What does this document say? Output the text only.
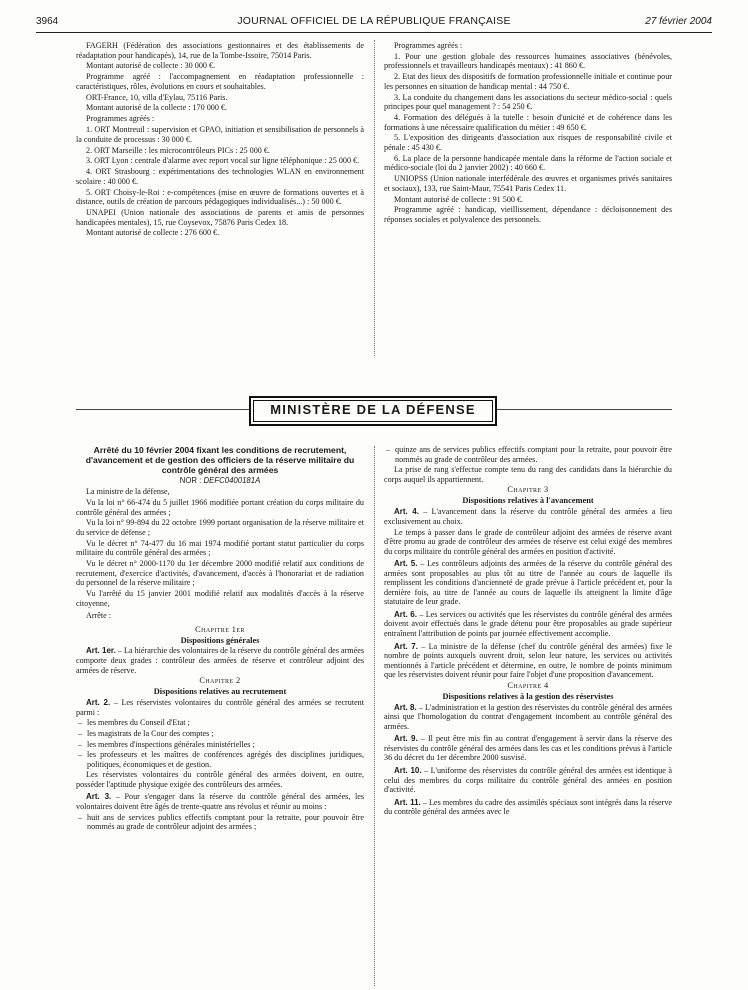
3964	JOURNAL OFFICIEL DE LA RÉPUBLIQUE FRANÇAISE	27 février 2004

FAGERH (Fédération des associations gestionnaires et des établissements de réadaptation pour handicapés), 14, rue de la Tombe-Issoire, 75014 Paris.

Montant autorisé de collecte : 30 000 €.

Programme agréé : l'accompagnement en réadaptation professionnelle : caractéristiques, rôles, évolutions en cours et souhaitables.

ORT-France, 10, villa d'Eylau, 75116 Paris.

Montant autorisé de la collecte : 170 000 €.

Programmes agréés :

1. ORT Montreuil : supervision et GPAO, initiation et sensibilisation de personnels à la conduite de processus : 30 000 €.

2. ORT Marseille : les microcontrôleurs PICs : 25 000 €.

3. ORT Lyon : centrale d'alarme avec report vocal sur ligne téléphonique : 25 000 €.

4. ORT Strasbourg : expérimentations des technologies WLAN en environnement scolaire : 40 000 €.

5. ORT Choisy-le-Roi : e-compétences (mise en œuvre de formations ouvertes et à distance, outils de création de parcours pédagogiques individualisés...) : 50 000 €.

UNAPEI (Union nationale des associations de parents et amis de personnes handicapées mentales), 15, rue Coysevox, 75876 Paris Cedex 18.

Montant autorisé de collecte : 276 600 €.

Programmes agréés :

1. Pour une gestion globale des ressources humaines associatives (bénévoles, professionnels et travailleurs handicapés mentaux) : 41 860 €.

2. Etat des lieux des dispositifs de formation professionnelle initiale et continue pour les personnes en situation de handicap mental : 44 750 €.

3. La conduite du changement dans les associations du secteur médico-social : quels principes pour quel management ? : 54 250 €.

4. Formation des délégués à la tutelle : besoin d'unicité et de cohérence dans les formations à une nécessaire qualification du métier : 49 650 €.

5. L'exposition des dirigeants d'association aux risques de responsabilité civile et pénale : 45 430 €.

6. La place de la personne handicapée mentale dans la réforme de l'action sociale et médico-sociale (loi du 2 janvier 2002) : 40 660 €.

UNIOPSS (Union nationale interfédérale des œuvres et organismes privés sanitaires et sociaux), 133, rue Saint-Maur, 75541 Paris Cedex 11.

Montant autorisé de collecte : 91 500 €.

Programme agréé : handicap, vieillissement, dépendance : décloisonnement des réponses sociales et polyvalence des personnels.

MINISTÈRE DE LA DÉFENSE

Arrêté du 10 février 2004 fixant les conditions de recrutement, d'avancement et de gestion des officiers de la réserve militaire du contrôle général des armées

NOR : DEFC0400181A

La ministre de la défense,

Vu la loi n° 66-474 du 5 juillet 1966 modifiée portant création du corps militaire du contrôle général des armées ;

Vu la loi n° 99-894 du 22 octobre 1999 portant organisation de la réserve militaire et du service de défense ;

Vu le décret n° 74-477 du 16 mai 1974 modifié portant statut particulier du corps militaire du contrôle général des armées ;

Vu le décret n° 2000-1170 du 1er décembre 2000 modifié relatif aux conditions de recrutement, d'exercice d'activités, d'avancement, d'accès à l'honorariat et de radiation du personnel de la réserve militaire ;

Vu l'arrêté du 15 janvier 2001 modifié relatif aux modalités d'accès à la réserve citoyenne,

Arrête :

Chapitre 1er

Dispositions générales

Art. 1er. – La hiérarchie des volontaires de la réserve du contrôle général des armées comporte deux grades : contrôleur des armées de réserve et contrôleur adjoint des armées de réserve.

Chapitre 2

Dispositions relatives au recrutement

Art. 2. – Les réservistes volontaires du contrôle général des armées se recrutent parmi :

– les membres du Conseil d'Etat ;

– les magistrats de la Cour des comptes ;

– les membres d'inspections générales ministérielles ;

– les professeurs et les maîtres de conférences agrégés des disciplines juridiques, politiques, économiques et de gestion.

Les réservistes volontaires du contrôle général des armées doivent, en outre, posséder l'aptitude physique exigée des contrôleurs des armées.

Art. 3. – Pour s'engager dans la réserve du contrôle général des armées, les volontaires doivent être âgés de trente-quatre ans révolus et réunir au moins :

– huit ans de services publics effectifs comptant pour la retraite, pour pouvoir être nommés au grade de contrôleur adjoint des armées ;

– quinze ans de services publics effectifs comptant pour la retraite, pour pouvoir être nommés au grade de contrôleur des armées.

La prise de rang s'effectue compte tenu du rang des candidats dans la hiérarchie du corps auquel ils appartiennent.

Chapitre 3

Dispositions relatives à l'avancement

Art. 4. – L'avancement dans la réserve du contrôle général des armées a lieu exclusivement au choix.

Le temps à passer dans le grade de contrôleur adjoint des armées de réserve avant d'être promu au grade de contrôleur des armées de réserve est celui exigé des membres du corps militaire du contrôle général des armées en position d'activité.

Art. 5. – Les contrôleurs adjoints des armées de la réserve du contrôle général des armées sont proposables au plus tôt au titre de l'année au cours de laquelle ils remplissent les conditions d'ancienneté de grade prévue à l'article précédent et, pour la dernière fois, au titre de l'année au cours de laquelle ils atteignent la limite d'âge statutaire de leur grade.

Art. 6. – Les services ou activités que les réservistes du contrôle général des armées doivent avoir effectués dans le grade détenu pour être proposables au grade supérieur entraînent l'attribution de points par journée effectivement accomplie.

Art. 7. – La ministre de la défense (chef du contrôle général des armées) fixe le nombre de points auxquels ouvrent droit, selon leur nature, les services ou activités mentionnés à l'article précédent et détermine, en outre, le nombre de points minimum que les réservistes doivent réunir pour faire l'objet d'une proposition d'avancement.

Chapitre 4

Dispositions relatives à la gestion des réservistes

Art. 8. – L'administration et la gestion des réservistes du contrôle général des armées ainsi que l'homologation du contrat d'engagement incombent au contrôle général des armées.

Art. 9. – Il peut être mis fin au contrat d'engagement à servir dans la réserve des réservistes du contrôle général des armées dans les cas et les conditions prévus à l'article 36 du décret du 1er décembre 2000 susvisé.

Art. 10. – L'uniforme des réservistes du contrôle général des armées est identique à celui des membres du corps militaire du contrôle général des armées en position d'activité.

Art. 11. – Les membres du cadre des assimilés spéciaux sont intégrés dans la réserve du contrôle général des armées avec le
